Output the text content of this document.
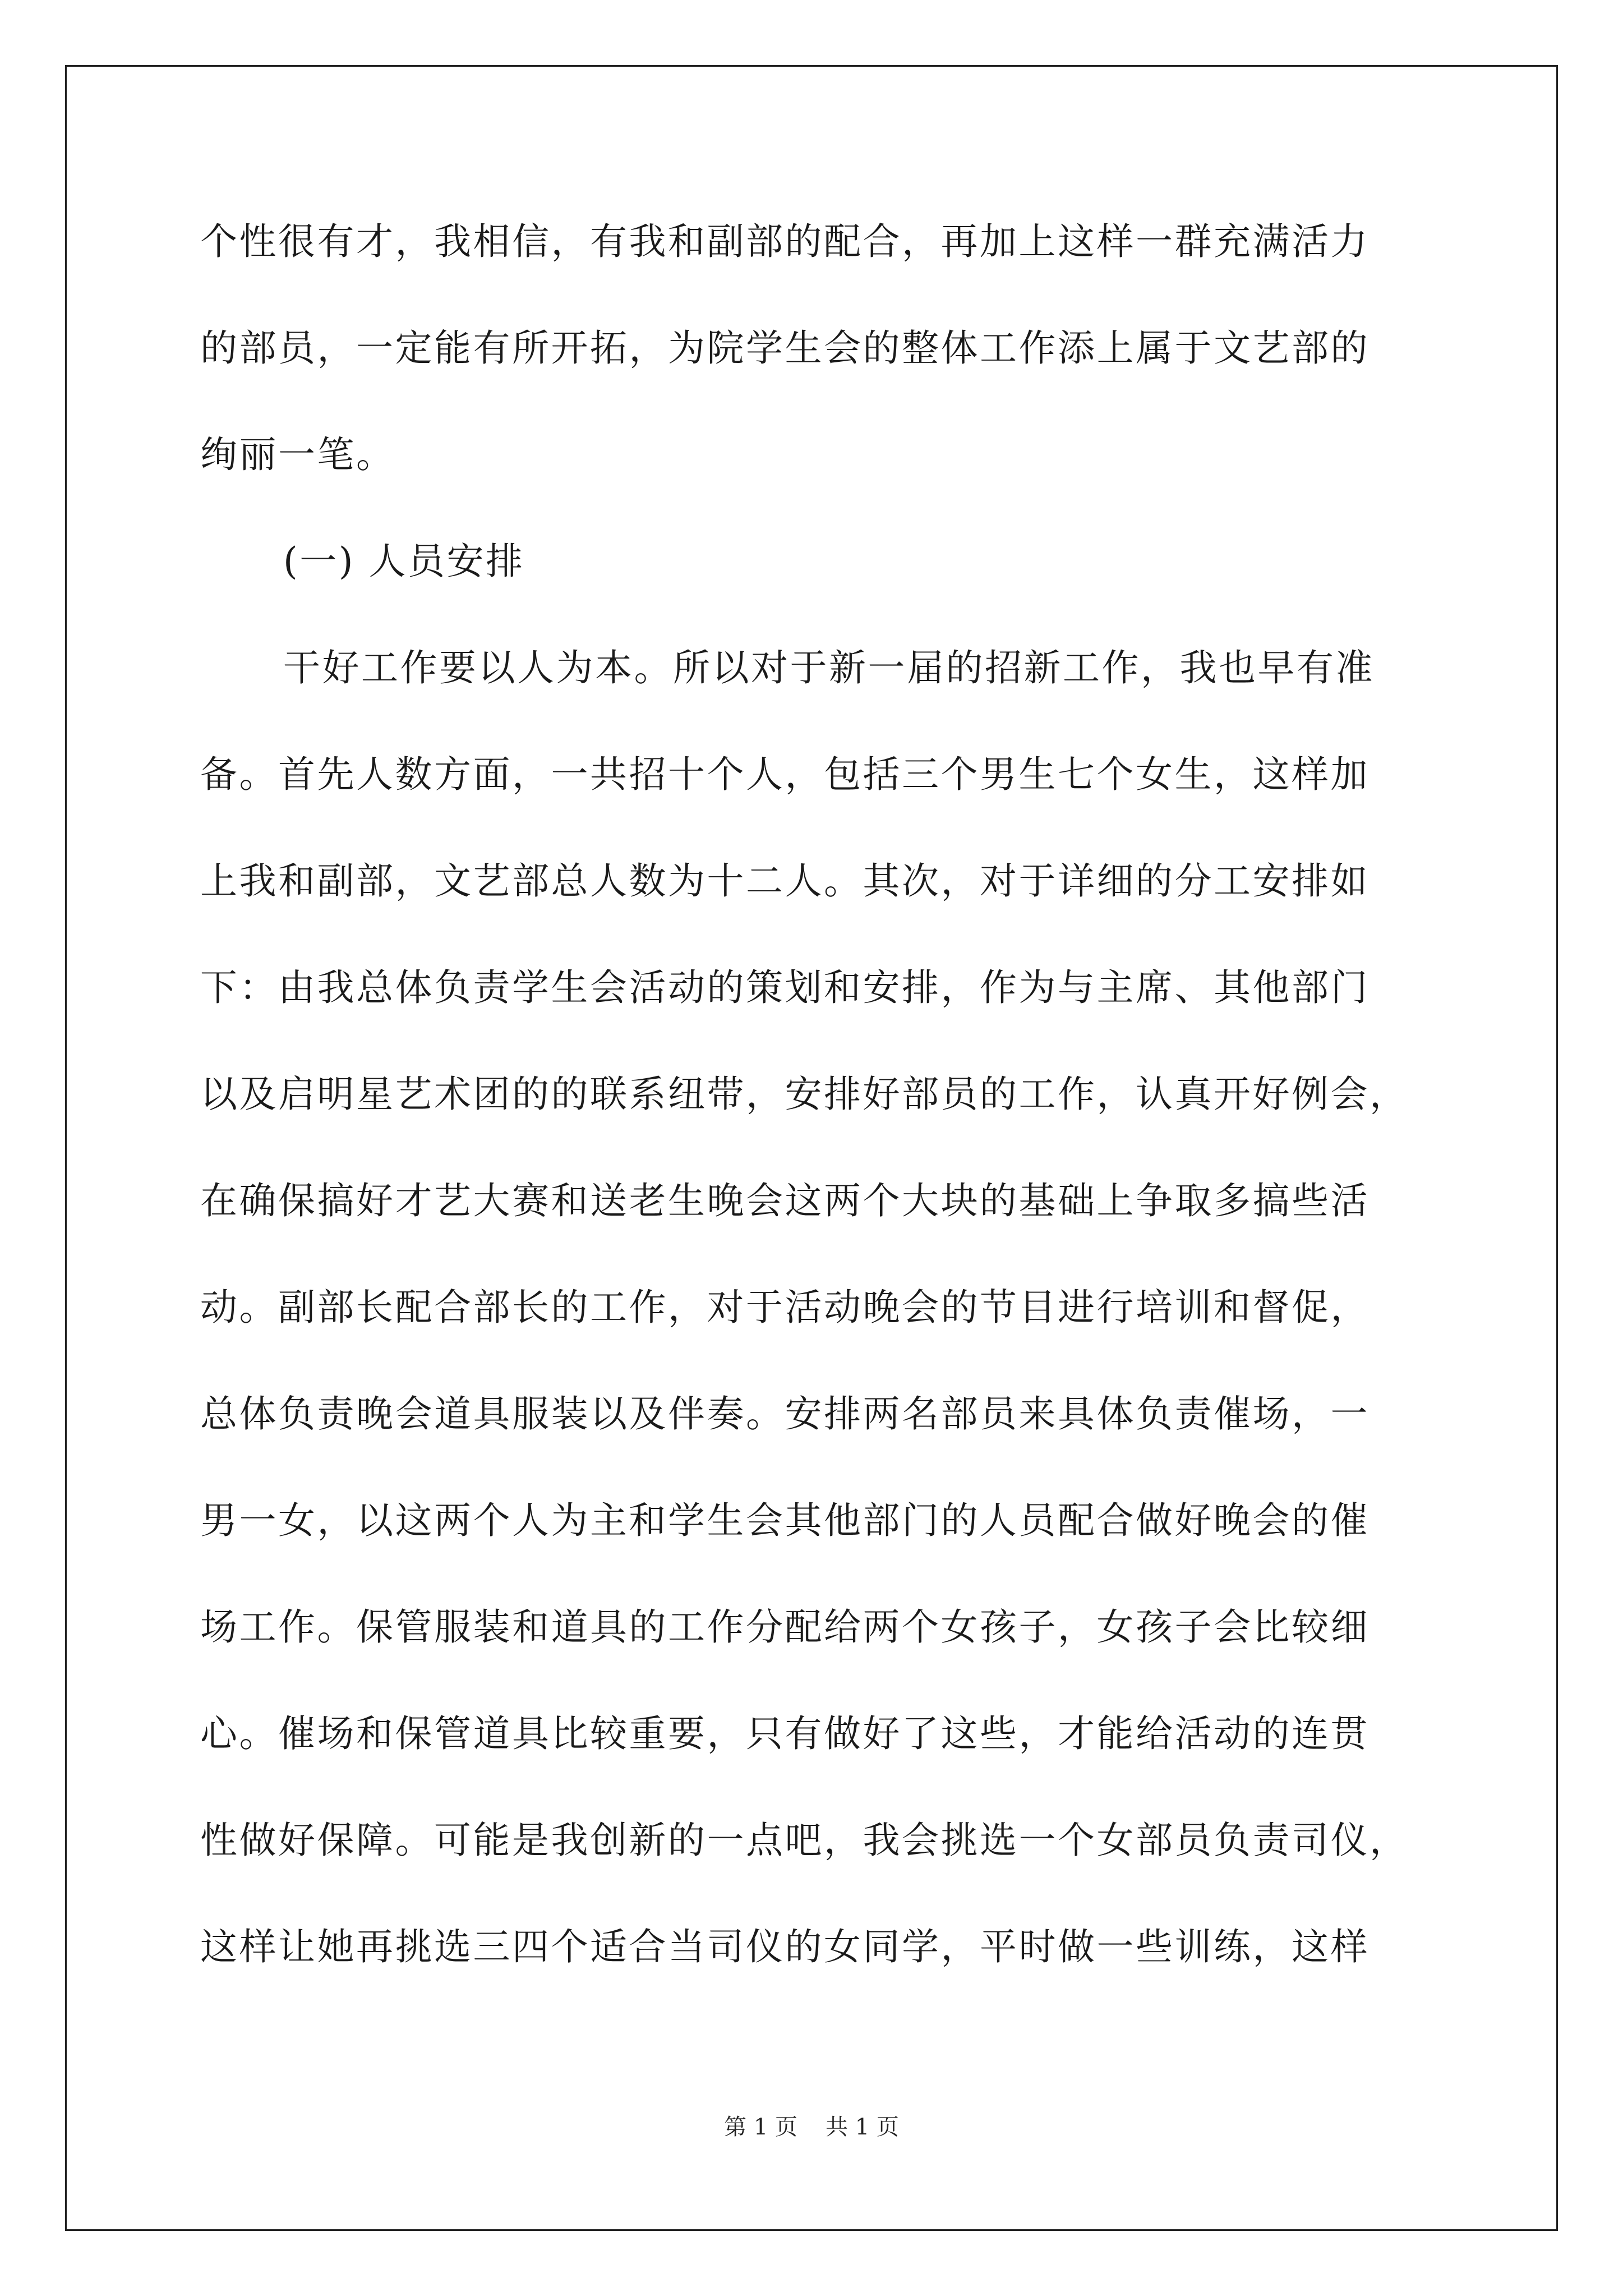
个性很有才，我相信，有我和副部的配合，再加上这样一群充满活力
的部员，一定能有所开拓，为院学生会的整体工作添上属于文艺部的
绚丽一笔。
(一) 人员安排
干好工作要以人为本。所以对于新一届的招新工作，我也早有准
备。首先人数方面，一共招十个人，包括三个男生七个女生，这样加
上我和副部，文艺部总人数为十二人。其次，对于详细的分工安排如
下：由我总体负责学生会活动的策划和安排，作为与主席、其他部门
以及启明星艺术团的的联系纽带，安排好部员的工作，认真开好例会，
在确保搞好才艺大赛和送老生晚会这两个大块的基础上争取多搞些活
动。副部长配合部长的工作，对于活动晚会的节目进行培训和督促，
总体负责晚会道具服装以及伴奏。安排两名部员来具体负责催场，一
男一女，以这两个人为主和学生会其他部门的人员配合做好晚会的催
场工作。保管服装和道具的工作分配给两个女孩子，女孩子会比较细
心。催场和保管道具比较重要，只有做好了这些，才能给活动的连贯
性做好保障。可能是我创新的一点吧，我会挑选一个女部员负责司仪，
这样让她再挑选三四个适合当司仪的女同学，平时做一些训练，这样
第 1 页 共 1 页
